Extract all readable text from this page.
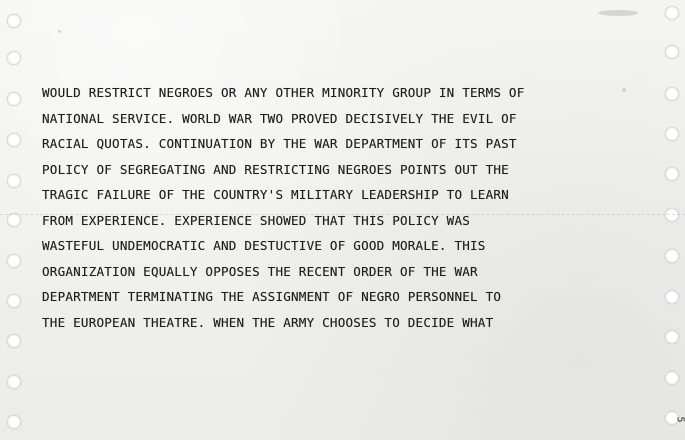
WOULD RESTRICT NEGROES OR ANY OTHER MINORITY GROUP IN TERMS OF
NATIONAL SERVICE. WORLD WAR TWO PROVED DECISIVELY THE EVIL OF
RACIAL QUOTAS. CONTINUATION BY THE WAR DEPARTMENT OF ITS PAST
POLICY OF SEGREGATING AND RESTRICTING NEGROES POINTS OUT THE
TRAGIC FAILURE OF THE COUNTRY'S MILITARY LEADERSHIP TO LEARN
FROM EXPERIENCE. EXPERIENCE SHOWED THAT THIS POLICY WAS
WASTEFUL UNDEMOCRATIC AND DESTUCTIVE OF GOOD MORALE. THIS
ORGANIZATION EQUALLY OPPOSES THE RECENT ORDER OF THE WAR
DEPARTMENT TERMINATING THE ASSIGNMENT OF NEGRO PERSONNEL TO
THE EUROPEAN THEATRE. WHEN THE ARMY CHOOSES TO DECIDE WHAT
5
